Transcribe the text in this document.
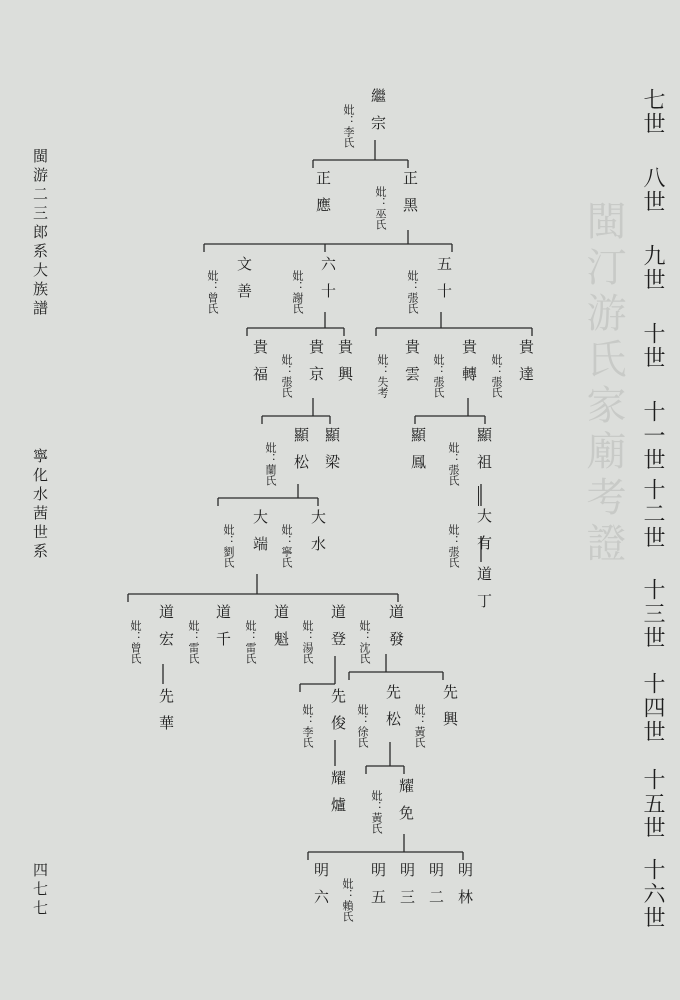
閩汀游氏家廟考證
七世
八世
九世
十世
十一世
十二世
十三世
十四世
十五世
十六世
閩游二三郎系大族譜
寧化水茜世系
四七七
繼宗
妣：李氏
正應	正黑
妣：巫氏
文善
妣：曾氏	六十
妣：謝氏	五十
妣：張氏
貴福	貴京
妣：張氏	貴興	貴雲
妣：失考	貴轉
妣：張氏	貴達
妣：張氏
顯松
妣：蘭氏	顯梁	顯鳳	顯祖
妣：張氏
大有
妣：張氏
大端
妣：劉氏	大水
妣：寧氏
道丁
道宏
妣：曾氏	道千
妣：雷氏	道魁
妣：雷氏	道登
妣：湯氏	道發
妣：沈氏
先華	先俊
妣：李氏	先松
妣：徐氏	先興
妣：黃氏
耀爐	耀免
妣：黃氏
明六	明五
妣：賴氏	明三 明二 明林
